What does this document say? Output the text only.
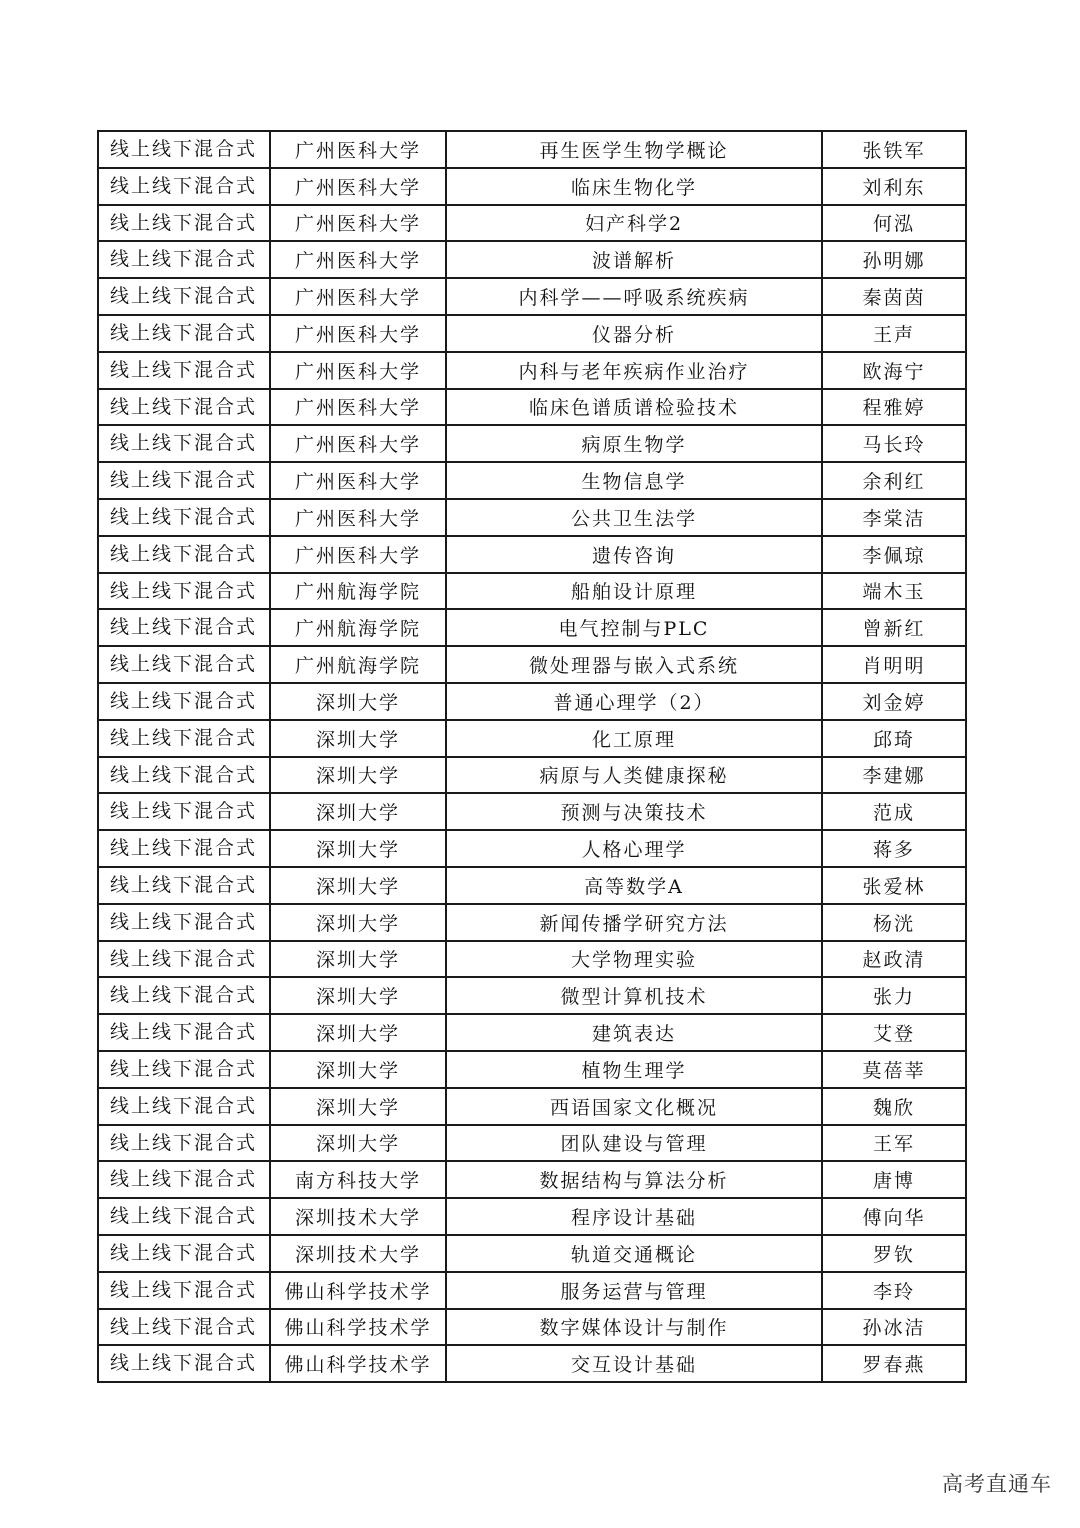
线上线下混合式	广州医科大学	再生医学生物学概论	张铁军
线上线下混合式	广州医科大学	临床生物化学	刘利东
线上线下混合式	广州医科大学	妇产科学2	何泓
线上线下混合式	广州医科大学	波谱解析	孙明娜
线上线下混合式	广州医科大学	内科学——呼吸系统疾病	秦茵茵
线上线下混合式	广州医科大学	仪器分析	王声
线上线下混合式	广州医科大学	内科与老年疾病作业治疗	欧海宁
线上线下混合式	广州医科大学	临床色谱质谱检验技术	程雅婷
线上线下混合式	广州医科大学	病原生物学	马长玲
线上线下混合式	广州医科大学	生物信息学	余利红
线上线下混合式	广州医科大学	公共卫生法学	李棠洁
线上线下混合式	广州医科大学	遗传咨询	李佩琼
线上线下混合式	广州航海学院	船舶设计原理	端木玉
线上线下混合式	广州航海学院	电气控制与PLC	曾新红
线上线下混合式	广州航海学院	微处理器与嵌入式系统	肖明明
线上线下混合式	深圳大学	普通心理学（2）	刘金婷
线上线下混合式	深圳大学	化工原理	邱琦
线上线下混合式	深圳大学	病原与人类健康探秘	李建娜
线上线下混合式	深圳大学	预测与决策技术	范成
线上线下混合式	深圳大学	人格心理学	蒋多
线上线下混合式	深圳大学	高等数学A	张爱林
线上线下混合式	深圳大学	新闻传播学研究方法	杨洸
线上线下混合式	深圳大学	大学物理实验	赵政清
线上线下混合式	深圳大学	微型计算机技术	张力
线上线下混合式	深圳大学	建筑表达	艾登
线上线下混合式	深圳大学	植物生理学	莫蓓莘
线上线下混合式	深圳大学	西语国家文化概况	魏欣
线上线下混合式	深圳大学	团队建设与管理	王军
线上线下混合式	南方科技大学	数据结构与算法分析	唐博
线上线下混合式	深圳技术大学	程序设计基础	傅向华
线上线下混合式	深圳技术大学	轨道交通概论	罗钦
线上线下混合式	佛山科学技术学	服务运营与管理	李玲
线上线下混合式	佛山科学技术学	数字媒体设计与制作	孙冰洁
线上线下混合式	佛山科学技术学	交互设计基础	罗春燕
高考直通车
